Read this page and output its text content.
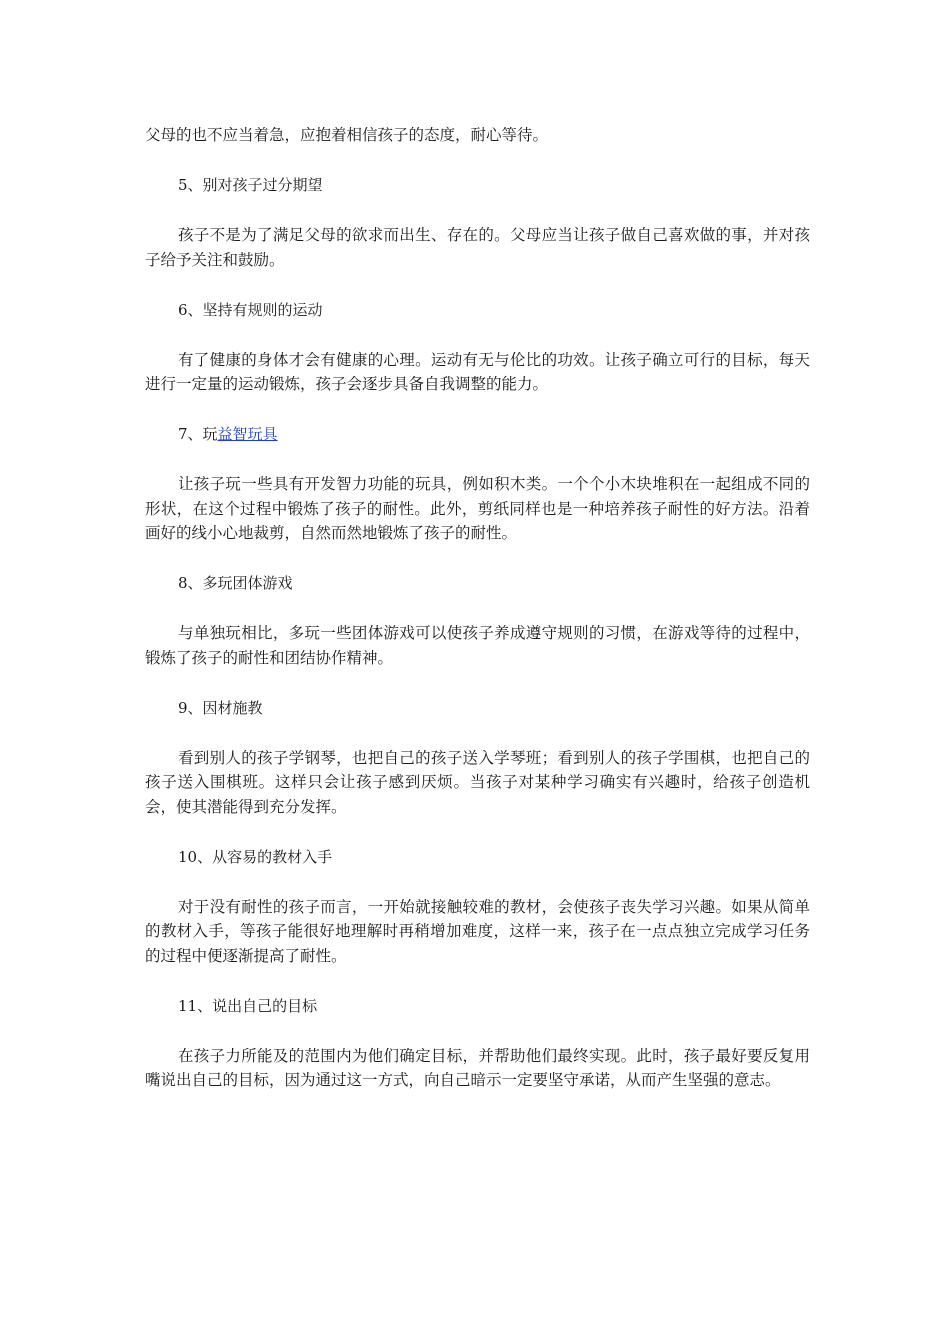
父母的也不应当着急，应抱着相信孩子的态度，耐心等待。

5、别对孩子过分期望

孩子不是为了满足父母的欲求而出生、存在的。父母应当让孩子做自己喜欢做的事，并对孩子给予关注和鼓励。

6、坚持有规则的运动

有了健康的身体才会有健康的心理。运动有无与伦比的功效。让孩子确立可行的目标，每天进行一定量的运动锻炼，孩子会逐步具备自我调整的能力。

7、玩益智玩具

让孩子玩一些具有开发智力功能的玩具，例如积木类。一个个小木块堆积在一起组成不同的形状，在这个过程中锻炼了孩子的耐性。此外，剪纸同样也是一种培养孩子耐性的好方法。沿着画好的线小心地裁剪，自然而然地锻炼了孩子的耐性。

8、多玩团体游戏

与单独玩相比，多玩一些团体游戏可以使孩子养成遵守规则的习惯，在游戏等待的过程中，锻炼了孩子的耐性和团结协作精神。

9、因材施教

看到别人的孩子学钢琴，也把自己的孩子送入学琴班；看到别人的孩子学围棋，也把自己的孩子送入围棋班。这样只会让孩子感到厌烦。当孩子对某种学习确实有兴趣时，给孩子创造机会，使其潜能得到充分发挥。

10、从容易的教材入手

对于没有耐性的孩子而言，一开始就接触较难的教材，会使孩子丧失学习兴趣。如果从简单的教材入手，等孩子能很好地理解时再稍增加难度，这样一来，孩子在一点点独立完成学习任务的过程中便逐渐提高了耐性。

11、说出自己的目标

在孩子力所能及的范围内为他们确定目标，并帮助他们最终实现。此时，孩子最好要反复用嘴说出自己的目标，因为通过这一方式，向自己暗示一定要坚守承诺，从而产生坚强的意志。
